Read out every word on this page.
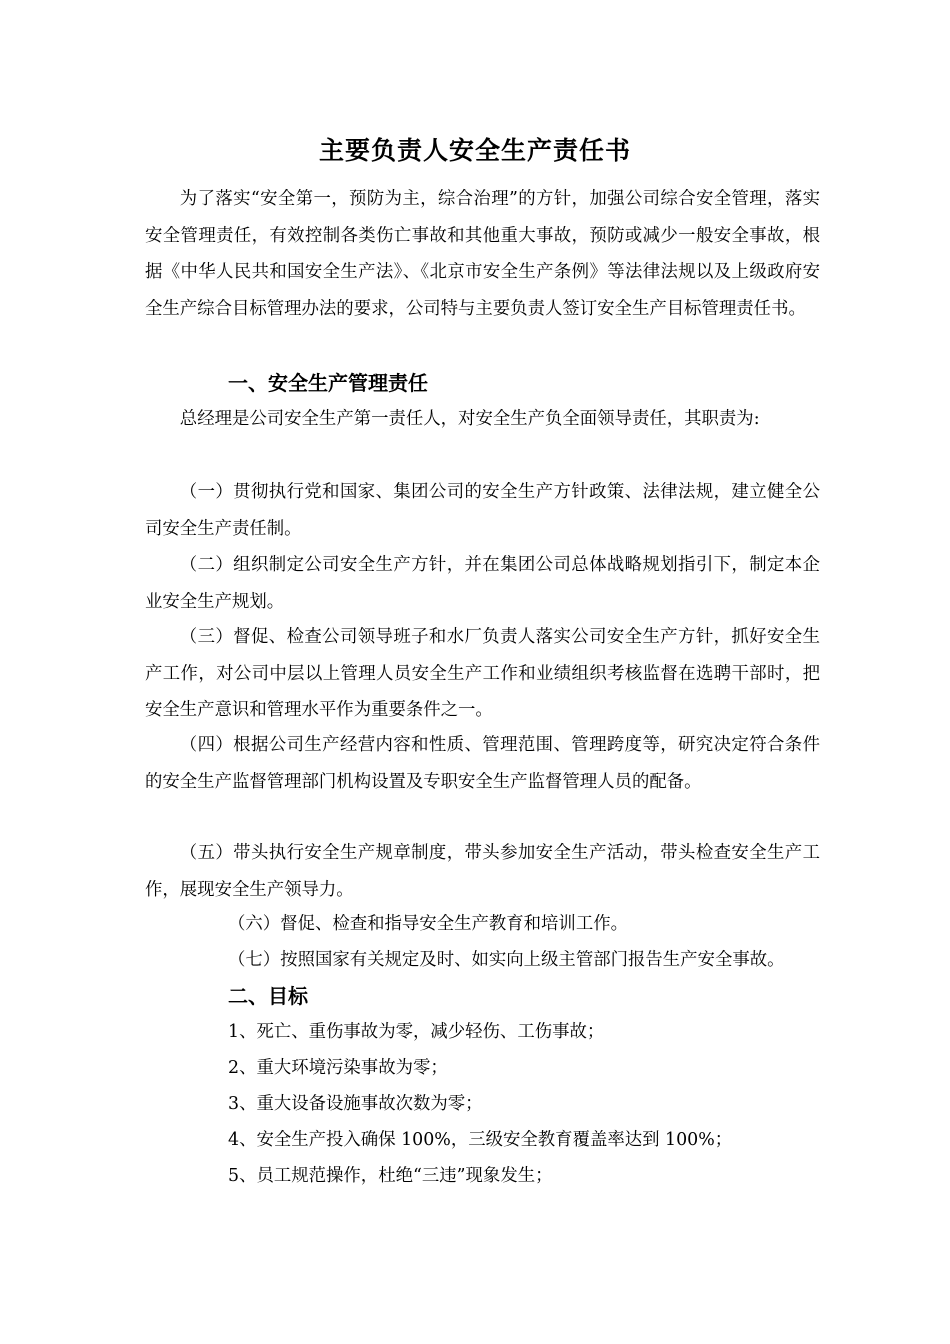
主要负责人安全生产责任书

为了落实“安全第一，预防为主，综合治理”的方针，加强公司综合安全管理，落实安全管理责任，有效控制各类伤亡事故和其他重大事故，预防或减少一般安全事故，根据《中华人民共和国安全生产法》、《北京市安全生产条例》等法律法规以及上级政府安全生产综合目标管理办法的要求，公司特与主要负责人签订安全生产目标管理责任书。

一、安全生产管理责任

总经理是公司安全生产第一责任人，对安全生产负全面领导责任，其职责为:

（一）贯彻执行党和国家、集团公司的安全生产方针政策、法律法规，建立健全公司安全生产责任制。

（二）组织制定公司安全生产方针，并在集团公司总体战略规划指引下，制定本企业安全生产规划。

（三）督促、检查公司领导班子和水厂负责人落实公司安全生产方针，抓好安全生产工作，对公司中层以上管理人员安全生产工作和业绩组织考核监督在选聘干部时，把安全生产意识和管理水平作为重要条件之一。

（四）根据公司生产经营内容和性质、管理范围、管理跨度等，研究决定符合条件的安全生产监督管理部门机构设置及专职安全生产监督管理人员的配备。

（五）带头执行安全生产规章制度，带头参加安全生产活动，带头检查安全生产工作，展现安全生产领导力。

（六）督促、检查和指导安全生产教育和培训工作。
（七）按照国家有关规定及时、如实向上级主管部门报告生产安全事故。
二、目标
1、死亡、重伤事故为零，减少轻伤、工伤事故；
2、重大环境污染事故为零；
3、重大设备设施事故次数为零；
4、安全生产投入确保 100%，三级安全教育覆盖率达到 100%；
5、员工规范操作，杜绝“三违”现象发生；
